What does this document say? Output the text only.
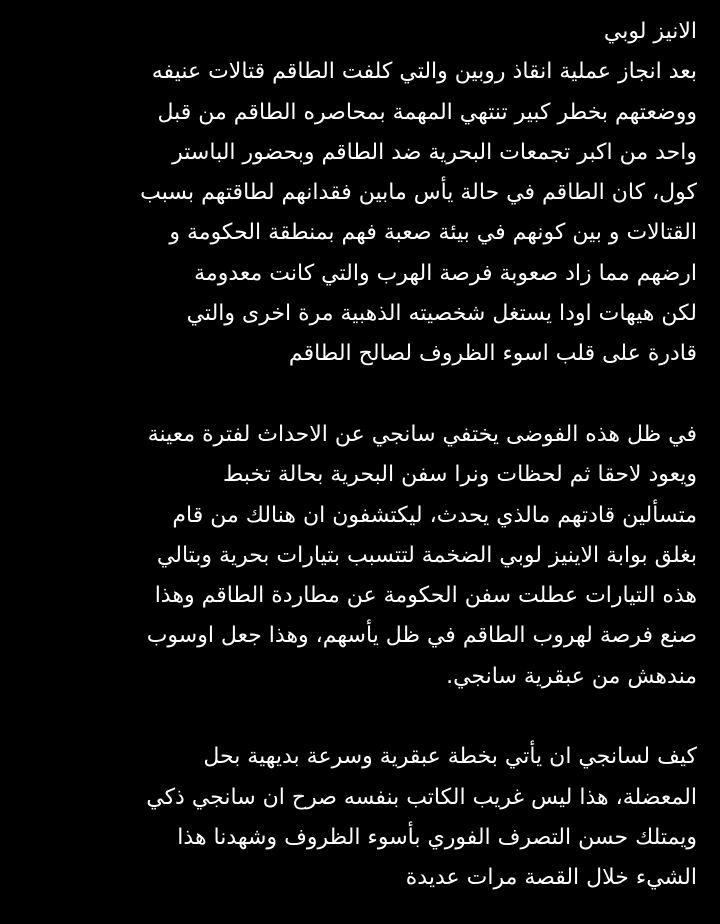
الانيز لوبي
بعد انجاز عملية انقاذ روبين والتي كلفت الطاقم قتالات عنيفه
ووضعتهم بخطر كبير تنتهي المهمة بمحاصره الطاقم من قبل
واحد من اكبر تجمعات البحرية ضد الطاقم وبحضور الباستر
كول، كان الطاقم في حالة يأس مابين فقدانهم لطاقتهم بسبب
القتالات و بين كونهم في بيئة صعبة فهم بمنطقة الحكومة و
ارضهم مما زاد صعوبة فرصة الهرب والتي كانت معدومة
لكن هيهات اودا يستغل شخصيته الذهبية مرة اخرى والتي
قادرة على قلب اسوء الظروف لصالح الطاقم
في ظل هذه الفوضى يختفي سانجي عن الاحداث لفترة معينة
ويعود لاحقا ثم لحظات ونرا سفن البحرية بحالة تخبط
متسألين قادتهم مالذي يحدث، ليكتشفون ان هنالك من قام
بغلق بوابة الاينيز لوبي الضخمة لتتسبب بتيارات بحرية وبتالي
هذه التيارات عطلت سفن الحكومة عن مطاردة الطاقم وهذا
صنع فرصة لهروب الطاقم في ظل يأسهم، وهذا جعل اوسوب
مندهش من عبقرية سانجي.
كيف لسانجي ان يأتي بخطة عبقرية وسرعة بديهية بحل
المعضلة، هذا ليس غريب الكاتب بنفسه صرح ان سانجي ذكي
ويمتلك حسن التصرف الفوري بأسوء الظروف وشهدنا هذا
الشيء خلال القصة مرات عديدة
